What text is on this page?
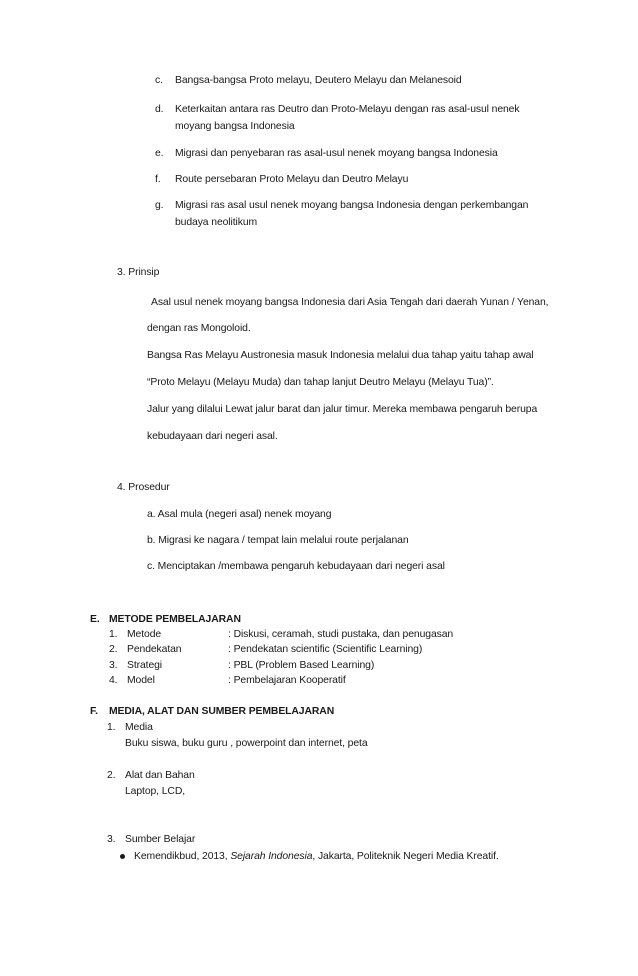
c. Bangsa-bangsa Proto melayu, Deutero Melayu dan Melanesoid
d. Keterkaitan antara ras Deutro dan Proto-Melayu dengan ras asal-usul nenek
moyang bangsa Indonesia
e. Migrasi dan penyebaran ras asal-usul nenek moyang bangsa Indonesia
f. Route persebaran Proto Melayu dan Deutro Melayu
g. Migrasi ras asal usul nenek moyang bangsa Indonesia dengan perkembangan
budaya neolitikum
3. Prinsip
Asal usul nenek moyang bangsa Indonesia dari Asia Tengah dari daerah Yunan / Yenan,
dengan ras Mongoloid.
Bangsa Ras Melayu Austronesia masuk Indonesia melalui dua tahap yaitu tahap awal
“Proto Melayu (Melayu Muda) dan tahap lanjut Deutro Melayu (Melayu Tua)”.
Jalur yang dilalui Lewat jalur barat dan jalur timur. Mereka membawa pengaruh berupa
kebudayaan dari negeri asal.
4. Prosedur
a. Asal mula (negeri asal) nenek moyang
b. Migrasi ke nagara / tempat lain melalui route perjalanan
c. Menciptakan /membawa pengaruh kebudayaan dari negeri asal
E. METODE PEMBELAJARAN
1. Metode	: Diskusi, ceramah, studi pustaka, dan penugasan
2. Pendekatan	: Pendekatan scientific (Scientific Learning)
3. Strategi	: PBL (Problem Based Learning)
4. Model	: Pembelajaran Kooperatif
F. MEDIA, ALAT DAN SUMBER PEMBELAJARAN
1. Media
Buku siswa, buku guru , powerpoint dan internet, peta
2. Alat dan Bahan
Laptop, LCD,
3. Sumber Belajar
Kemendikbud, 2013, Sejarah Indonesia, Jakarta, Politeknik Negeri Media Kreatif.
